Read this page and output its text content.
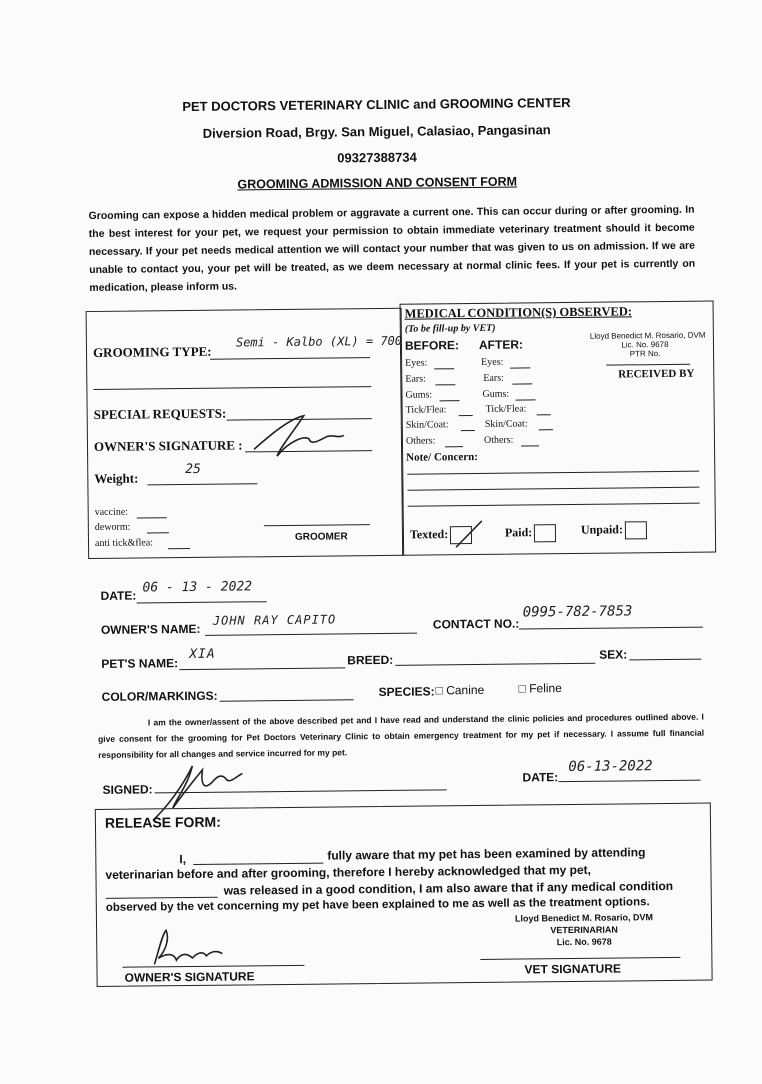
PET DOCTORS VETERINARY CLINIC and GROOMING CENTER
Diversion Road, Brgy. San Miguel, Calasiao, Pangasinan
09327388734
GROOMING ADMISSION AND CONSENT FORM
Grooming can expose a hidden medical problem or aggravate a current one. This can occur during or after grooming. In the best interest for your pet, we request your permission to obtain immediate veterinary treatment should it become necessary. If your pet needs medical attention we will contact your number that was given to us on admission. If we are unable to contact you, your pet will be treated, as we deem necessary at normal clinic fees. If your pet is currently on medication, please inform us.
GROOMING TYPE:
Semi - Kalbo (XL) = 700
SPECIAL REQUESTS:
OWNER'S SIGNATURE :
Weight:
25
vaccine:
deworm:
anti tick&flea:
GROOMER
MEDICAL CONDITION(S) OBSERVED:
(To be fill-up by VET)
BEFORE: AFTER:
Eyes:	Eyes:
Ears:	Ears:
Gums:	Gums:
Tick/Flea:	Tick/Flea:
Skin/Coat:	Skin/Coat:
Others:	Others:
Note/ Concern:
Texted:	Paid:	Unpaid:
Lloyd Benedict M. Rosario, DVM
Lic. No. 9678
PTR No.
RECEIVED BY
DATE:
06 - 13 - 2022
OWNER'S NAME:
JOHN RAY CAPITO	CONTACT NO.:
0995-782-7853
PET'S NAME:
XIA	BREED:	SEX:
COLOR/MARKINGS:	SPECIES: □ Canine	□ Feline
I am the owner/assent of the above described pet and I have read and understand the clinic policies and procedures outlined above. I give consent for the grooming for Pet Doctors Veterinary Clinic to obtain emergency treatment for my pet if necessary. I assume full financial responsibility for all changes and service incurred for my pet.
SIGNED:
DATE:
06-13-2022
RELEASE FORM:
I,	fully aware that my pet has been examined by attending
veterinarian before and after grooming, therefore I hereby acknowledged that my pet,
was released in a good condition, I am also aware that if any medical condition
observed by the vet concerning my pet have been explained to me as well as the treatment options.
OWNER'S SIGNATURE
Lloyd Benedict M. Rosario, DVM
VETERINARIAN
Lic. No. 9678
VET SIGNATURE
